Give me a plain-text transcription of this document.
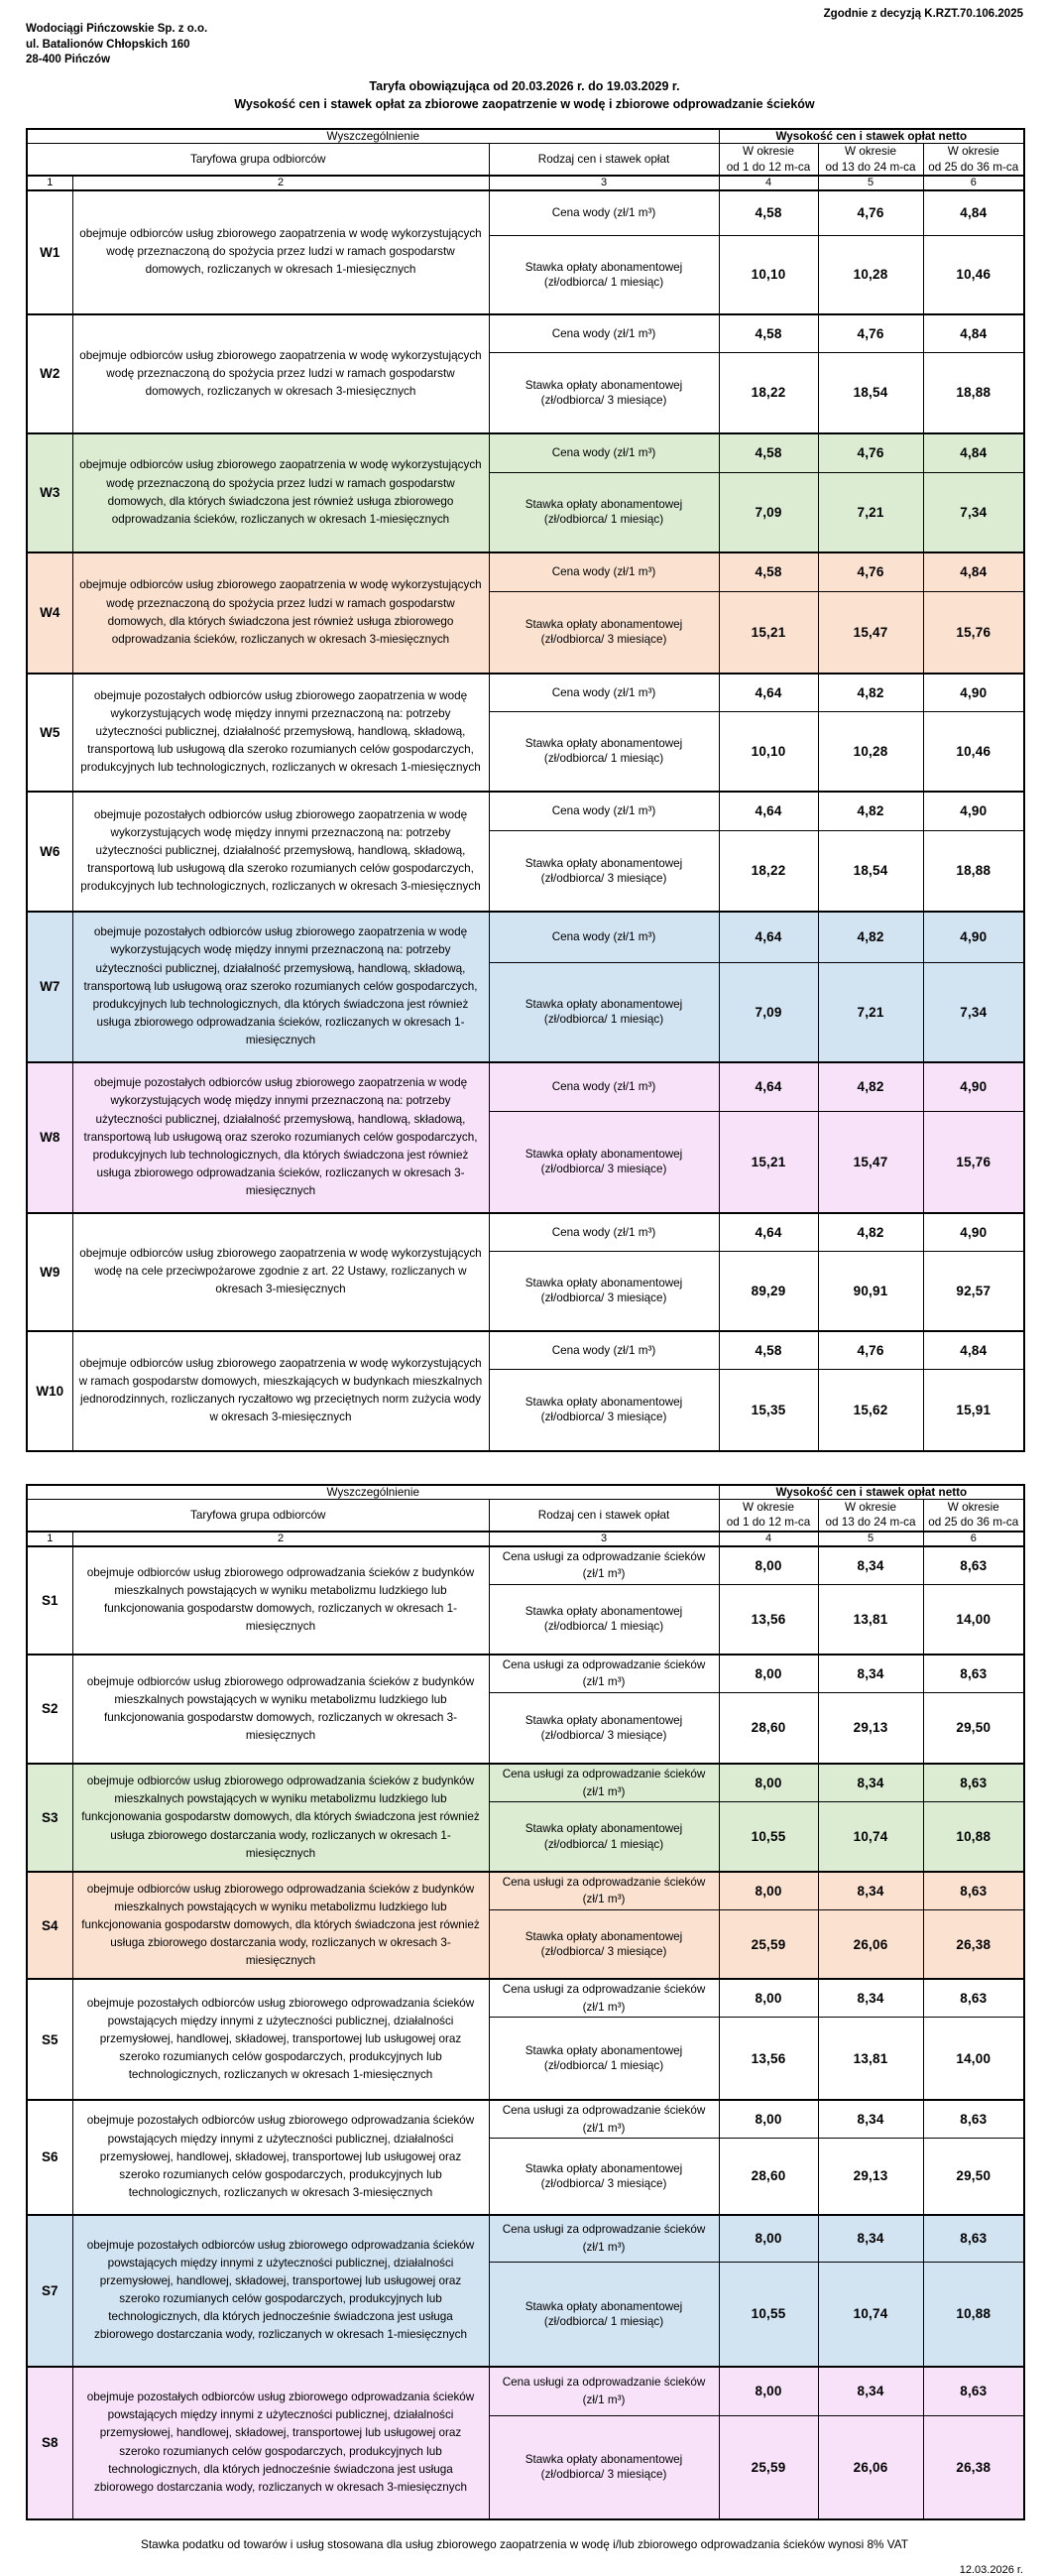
Zgodnie z decyzją K.RZT.70.106.2025
Wodociągi Pińczowskie Sp. z o.o.
ul. Batalionów Chłopskich 160
28-400 Pińczów
Taryfa obowiązująca od 20.03.2026 r. do 19.03.2029 r.
Wysokość cen i stawek opłat za zbiorowe zaopatrzenie w wodę i zbiorowe odprowadzanie ścieków
Wyszczególnienie			Wysokość cen i stawek opłat netto		
Taryfowa grupa odbiorców		Rodzaj cen i stawek opłat	W okresie
od 1 do 12 m-ca	W okresie
od 13 do 24 m-ca	W okresie
od 25 do 36 m-ca

1	2	3	4	5	6
W1	obejmuje odbiorców usług zbiorowego zaopatrzenia w wodę wykorzystujących wodę przeznaczoną do spożycia przez ludzi w ramach gospodarstw domowych, rozliczanych w okresach 1-miesięcznych	Cena wody (zł/1 m³)	4,58	4,76	4,84

		Stawka opłaty abonamentowej
(zł/odbiorca/ 1 miesiąc)	10,10	10,28	10,46
W2	obejmuje odbiorców usług zbiorowego zaopatrzenia w wodę wykorzystujących wodę przeznaczoną do spożycia przez ludzi w ramach gospodarstw domowych, rozliczanych w okresach 3-miesięcznych	Cena wody (zł/1 m³)	4,58	4,76	4,84

		Stawka opłaty abonamentowej
(zł/odbiorca/ 3 miesiące)	18,22	18,54	18,88
W3	obejmuje odbiorców usług zbiorowego zaopatrzenia w wodę wykorzystujących wodę przeznaczoną do spożycia przez ludzi w ramach gospodarstw domowych, dla których świadczona jest również usługa zbiorowego odprowadzania ścieków, rozliczanych w okresach 1-miesięcznych	Cena wody (zł/1 m³)	4,58	4,76	4,84

		Stawka opłaty abonamentowej
(zł/odbiorca/ 1 miesiąc)	7,09	7,21	7,34
W4	obejmuje odbiorców usług zbiorowego zaopatrzenia w wodę wykorzystujących wodę przeznaczoną do spożycia przez ludzi w ramach gospodarstw domowych, dla których świadczona jest również usługa zbiorowego odprowadzania ścieków, rozliczanych w okresach 3-miesięcznych	Cena wody (zł/1 m³)	4,58	4,76	4,84

		Stawka opłaty abonamentowej
(zł/odbiorca/ 3 miesiące)	15,21	15,47	15,76
W5	obejmuje pozostałych odbiorców usług zbiorowego zaopatrzenia w wodę wykorzystujących wodę między innymi przeznaczoną na: potrzeby użyteczności publicznej, działalność przemysłową, handlową, składową, transportową lub usługową dla szeroko rozumianych celów gospodarczych, produkcyjnych lub technologicznych, rozliczanych w okresach 1-miesięcznych	Cena wody (zł/1 m³)	4,64	4,82	4,90

		Stawka opłaty abonamentowej
(zł/odbiorca/ 1 miesiąc)	10,10	10,28	10,46
W6	obejmuje pozostałych odbiorców usług zbiorowego zaopatrzenia w wodę wykorzystujących wodę między innymi przeznaczoną na: potrzeby użyteczności publicznej, działalność przemysłową, handlową, składową, transportową lub usługową dla szeroko rozumianych celów gospodarczych, produkcyjnych lub technologicznych, rozliczanych w okresach 3-miesięcznych	Cena wody (zł/1 m³)	4,64	4,82	4,90

		Stawka opłaty abonamentowej
(zł/odbiorca/ 3 miesiące)	18,22	18,54	18,88
W7	obejmuje pozostałych odbiorców usług zbiorowego zaopatrzenia w wodę wykorzystujących wodę między innymi przeznaczoną na: potrzeby użyteczności publicznej, działalność przemysłową, handlową, składową, transportową lub usługową oraz szeroko rozumianych celów gospodarczych, produkcyjnych lub technologicznych, dla których świadczona jest również usługa zbiorowego odprowadzania ścieków, rozliczanych w okresach 1-miesięcznych	Cena wody (zł/1 m³)	4,64	4,82	4,90

		Stawka opłaty abonamentowej
(zł/odbiorca/ 1 miesiąc)	7,09	7,21	7,34
W8	obejmuje pozostałych odbiorców usług zbiorowego zaopatrzenia w wodę wykorzystujących wodę między innymi przeznaczoną na: potrzeby użyteczności publicznej, działalność przemysłową, handlową, składową, transportową lub usługową oraz szeroko rozumianych celów gospodarczych, produkcyjnych lub technologicznych, dla których świadczona jest również usługa zbiorowego odprowadzania ścieków, rozliczanych w okresach 3-miesięcznych	Cena wody (zł/1 m³)	4,64	4,82	4,90

		Stawka opłaty abonamentowej
(zł/odbiorca/ 3 miesiące)	15,21	15,47	15,76
W9	obejmuje odbiorców usług zbiorowego zaopatrzenia w wodę wykorzystujących wodę na cele przeciwpożarowe zgodnie z art. 22 Ustawy, rozliczanych w okresach 3-miesięcznych	Cena wody (zł/1 m³)	4,64	4,82	4,90

		Stawka opłaty abonamentowej
(zł/odbiorca/ 3 miesiące)	89,29	90,91	92,57
W10	obejmuje odbiorców usług zbiorowego zaopatrzenia w wodę wykorzystujących w ramach gospodarstw domowych, mieszkających w budynkach mieszkalnych jednorodzinnych, rozliczanych ryczałtowo wg przeciętnych norm zużycia wody w okresach 3-miesięcznych	Cena wody (zł/1 m³)	4,58	4,76	4,84

		Stawka opłaty abonamentowej
(zł/odbiorca/ 3 miesiące)	15,35	15,62	15,91
Wyszczególnienie			Wysokość cen i stawek opłat netto		
Taryfowa grupa odbiorców		Rodzaj cen i stawek opłat	W okresie
od 1 do 12 m-ca	W okresie
od 13 do 24 m-ca	W okresie
od 25 do 36 m-ca

1	2	3	4	5	6
S1	obejmuje odbiorców usług zbiorowego odprowadzania ścieków z budynków mieszkalnych powstających w wyniku metabolizmu ludzkiego lub funkcjonowania gospodarstw domowych, rozliczanych w okresach 1-miesięcznych	Cena usługi za odprowadzanie ścieków (zł/1 m³)	8,00	8,34	8,63

		Stawka opłaty abonamentowej
(zł/odbiorca/ 1 miesiąc)	13,56	13,81	14,00
S2	obejmuje odbiorców usług zbiorowego odprowadzania ścieków z budynków mieszkalnych powstających w wyniku metabolizmu ludzkiego lub funkcjonowania gospodarstw domowych, rozliczanych w okresach 3-miesięcznych	Cena usługi za odprowadzanie ścieków (zł/1 m³)	8,00	8,34	8,63

		Stawka opłaty abonamentowej
(zł/odbiorca/ 3 miesiące)	28,60	29,13	29,50
S3	obejmuje odbiorców usług zbiorowego odprowadzania ścieków z budynków mieszkalnych powstających w wyniku metabolizmu ludzkiego lub funkcjonowania gospodarstw domowych, dla których świadczona jest również usługa zbiorowego dostarczania wody, rozliczanych w okresach 1-miesięcznych	Cena usługi za odprowadzanie ścieków (zł/1 m³)	8,00	8,34	8,63

		Stawka opłaty abonamentowej
(zł/odbiorca/ 1 miesiąc)	10,55	10,74	10,88
S4	obejmuje odbiorców usług zbiorowego odprowadzania ścieków z budynków mieszkalnych powstających w wyniku metabolizmu ludzkiego lub funkcjonowania gospodarstw domowych, dla których świadczona jest również usługa zbiorowego dostarczania wody, rozliczanych w okresach 3-miesięcznych	Cena usługi za odprowadzanie ścieków (zł/1 m³)	8,00	8,34	8,63

		Stawka opłaty abonamentowej
(zł/odbiorca/ 3 miesiące)	25,59	26,06	26,38
S5	obejmuje pozostałych odbiorców usług zbiorowego odprowadzania ścieków powstających między innymi z użyteczności publicznej, działalności przemysłowej, handlowej, składowej, transportowej lub usługowej oraz szeroko rozumianych celów gospodarczych, produkcyjnych lub technologicznych, rozliczanych w okresach 1-miesięcznych	Cena usługi za odprowadzanie ścieków (zł/1 m³)	8,00	8,34	8,63

		Stawka opłaty abonamentowej
(zł/odbiorca/ 1 miesiąc)	13,56	13,81	14,00
S6	obejmuje pozostałych odbiorców usług zbiorowego odprowadzania ścieków powstających między innymi z użyteczności publicznej, działalności przemysłowej, handlowej, składowej, transportowej lub usługowej oraz szeroko rozumianych celów gospodarczych, produkcyjnych lub technologicznych, rozliczanych w okresach 3-miesięcznych	Cena usługi za odprowadzanie ścieków (zł/1 m³)	8,00	8,34	8,63

		Stawka opłaty abonamentowej
(zł/odbiorca/ 3 miesiące)	28,60	29,13	29,50
S7	obejmuje pozostałych odbiorców usług zbiorowego odprowadzania ścieków powstających między innymi z użyteczności publicznej, działalności przemysłowej, handlowej, składowej, transportowej lub usługowej oraz szeroko rozumianych celów gospodarczych, produkcyjnych lub technologicznych, dla których jednocześnie świadczona jest usługa zbiorowego dostarczania wody, rozliczanych w okresach 1-miesięcznych	Cena usługi za odprowadzanie ścieków (zł/1 m³)	8,00	8,34	8,63

		Stawka opłaty abonamentowej
(zł/odbiorca/ 1 miesiąc)	10,55	10,74	10,88
S8	obejmuje pozostałych odbiorców usług zbiorowego odprowadzania ścieków powstających między innymi z użyteczności publicznej, działalności przemysłowej, handlowej, składowej, transportowej lub usługowej oraz szeroko rozumianych celów gospodarczych, produkcyjnych lub technologicznych, dla których jednocześnie świadczona jest usługa zbiorowego dostarczania wody, rozliczanych w okresach 3-miesięcznych	Cena usługi za odprowadzanie ścieków (zł/1 m³)	8,00	8,34	8,63

		Stawka opłaty abonamentowej
(zł/odbiorca/ 3 miesiące)	25,59	26,06	26,38
Stawka podatku od towarów i usług stosowana dla usług zbiorowego zaopatrzenia w wodę i/lub zbiorowego odprowadzania ścieków wynosi 8% VAT
12.03.2026 r.
